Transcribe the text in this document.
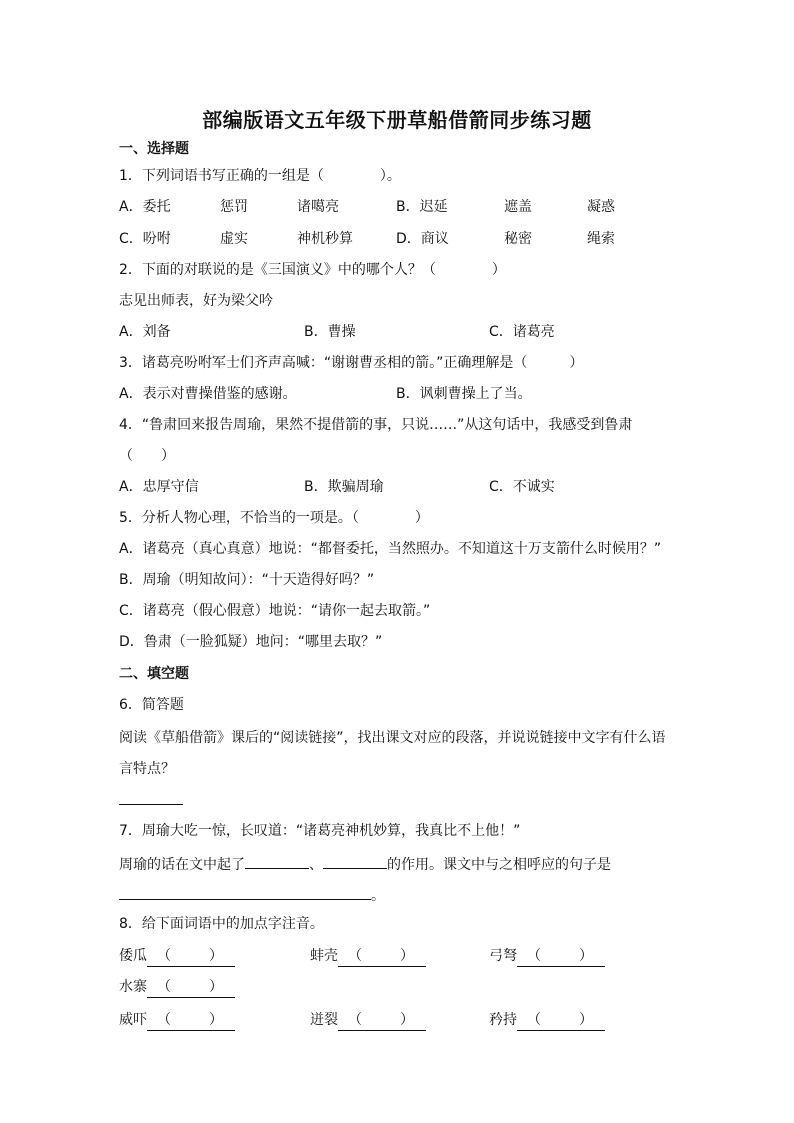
部编版语文五年级下册草船借箭同步练习题
一、选择题
1．下列词语书写正确的一组是（　　　　）。
A．委托	惩罚	诸噶亮	B．迟延	遮盖	凝惑
C．吩咐	虚实	神机秒算	D．商议	秘密	绳索
2．下面的对联说的是《三国演义》中的哪个人？（　　　　）
志见出师表，好为梁父吟
A．刘备	B．曹操	C．诸葛亮
3．诸葛亮吩咐军士们齐声高喊：“谢谢曹丞相的箭。”正确理解是（　　　）
A．表示对曹操借鉴的感谢。	B．讽刺曹操上了当。
4．“鲁肃回来报告周瑜，果然不提借箭的事，只说……”从这句话中，我感受到鲁肃
（　　）
A．忠厚守信	B．欺骗周瑜	C．不诚实
5．分析人物心理，不恰当的一项是。（　　　　）
A．诸葛亮（真心真意）地说：“都督委托，当然照办。不知道这十万支箭什么时候用？”
B．周瑜（明知故问）：“十天造得好吗？”
C．诸葛亮（假心假意）地说：“请你一起去取箭。”
D．鲁肃（一脸狐疑）地问：“哪里去取？”
二、填空题
6．简答题
阅读《草船借箭》课后的“阅读链接”，找出课文对应的段落，并说说链接中文字有什么语
言特点？
7．周瑜大吃一惊，长叹道：“诸葛亮神机妙算，我真比不上他！”
周瑜的话在文中起了	、	的作用。课文中与之相呼应的句子是
。
8．给下面词语中的加点字注音。
倭瓜 （	）	蚌壳 （	）	弓弩 （	）
水寨 （	）
威吓 （	）	迸裂 （	）	矜持 （	）
